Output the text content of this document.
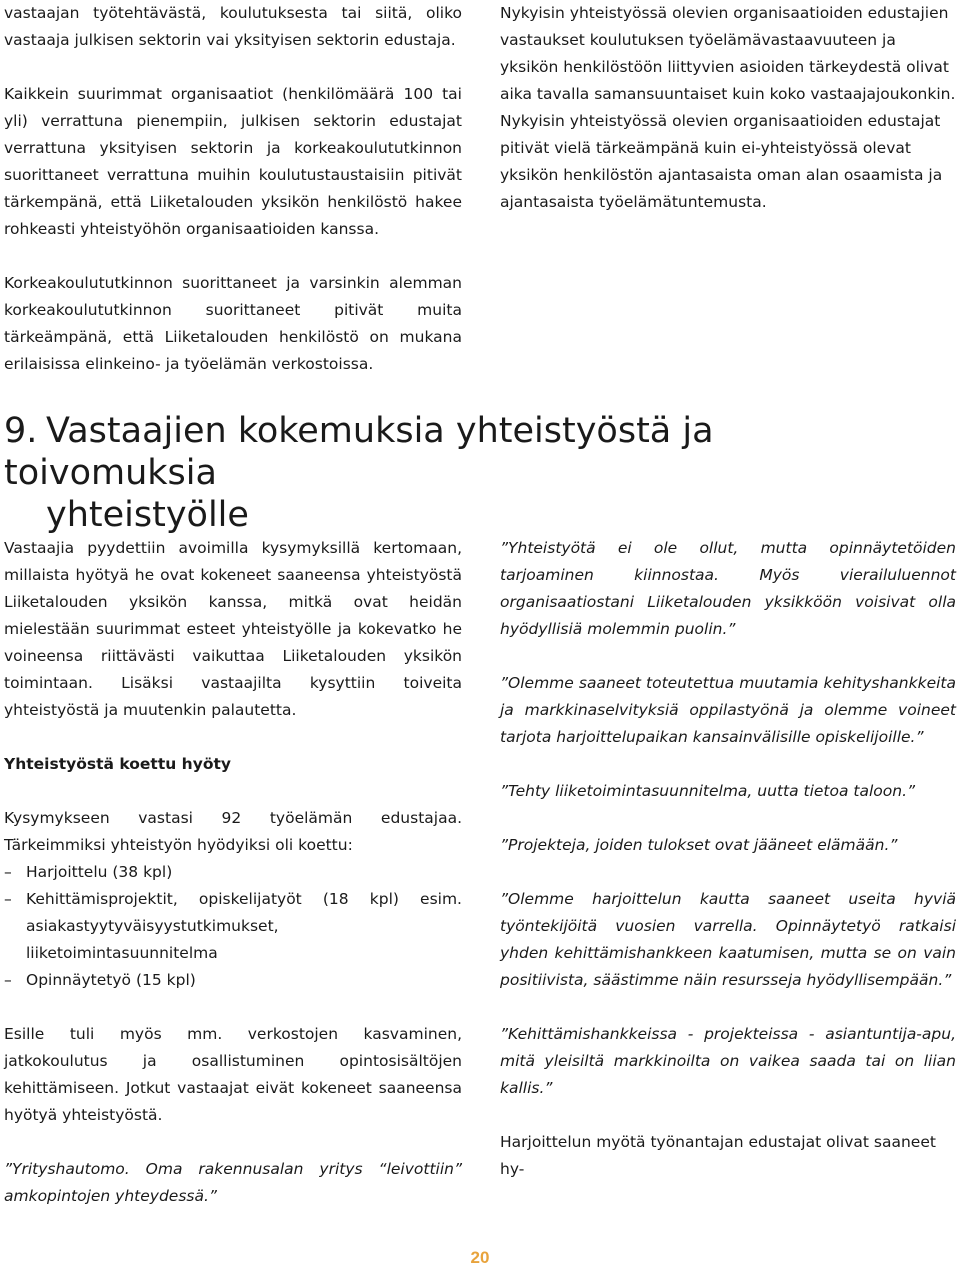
vastaajan työtehtävästä, koulutuksesta tai siitä, oliko vastaaja julkisen sektorin vai yksityisen sektorin edustaja.

Kaikkein suurimmat organisaatiot (henkilömäärä 100 tai yli) verrattuna pienempiin, julkisen sektorin edustajat verrattuna yksityisen sektorin ja korkeakoulututkinnon suorittaneet verrattuna muihin koulutustaustaisiin pitivät tärkempänä, että Liiketalouden yksikön henkilöstö hakee rohkeasti yhteistyöhön organisaatioiden kanssa.

Korkeakoulututkinnon suorittaneet ja varsinkin alemman korkeakoulututkinnon suorittaneet pitivät muita tärkeämpänä, että Liiketalouden henkilöstö on mukana erilaisissa elinkeino- ja työelämän verkostoissa.

Nykyisin yhteistyössä olevien organisaatioiden edustajien vastaukset koulutuksen työelämävastaavuuteen ja yksikön henkilöstöön liittyvien asioiden tärkeydestä olivat aika tavalla samansuuntaiset kuin koko vastaajajoukonkin. Nykyisin yhteistyössä olevien organisaatioiden edustajat pitivät vielä tärkeämpänä kuin ei-yhteistyössä olevat yksikön henkilöstön ajantasaista oman alan osaamista ja ajantasaista työelämätuntemusta.

9. Vastaajien kokemuksia yhteistyöstä ja toivomuksia
yhteistyölle

Vastaajia pyydettiin avoimilla kysymyksillä kertomaan, millaista hyötyä he ovat kokeneet saaneensa yhteistyöstä Liiketalouden yksikön kanssa, mitkä ovat heidän mielestään suurimmat esteet yhteistyölle ja kokevatko he voineensa riittävästi vaikuttaa Liiketalouden yksikön toimintaan. Lisäksi vastaajilta kysyttiin toiveita yhteistyöstä ja muutenkin palautetta.

Yhteistyöstä koettu hyöty

Kysymykseen vastasi 92 työelämän edustajaa. Tärkeimmiksi yhteistyön hyödyiksi oli koettu:

– Harjoittelu (38 kpl)
– Kehittämisprojektit, opiskelijatyöt (18 kpl) esim. asiakastyytyväisyystutkimukset, liiketoimintasuunnitelma
– Opinnäytetyö (15 kpl)

Esille tuli myös mm. verkostojen kasvaminen, jatkokoulutus ja osallistuminen opintosisältöjen kehittämiseen. Jotkut vastaajat eivät kokeneet saaneensa hyötyä yhteistyöstä.

”Yrityshautomo. Oma rakennusalan yritys “leivottiin” amkopintojen yhteydessä.”

”Yhteistyötä ei ole ollut, mutta opinnäytetöiden tarjoaminen kiinnostaa. Myös vierailuluennot organisaatiostani Liiketalouden yksikköön voisivat olla hyödyllisiä molemmin puolin.”

”Olemme saaneet toteutettua muutamia kehityshankkeita ja markkinaselvityksiä oppilastyönä ja olemme voineet tarjota harjoittelupaikan kansainvälisille opiskelijoille.”

”Tehty liiketoimintasuunnitelma, uutta tietoa taloon.”

”Projekteja, joiden tulokset ovat jääneet elämään.”

”Olemme harjoittelun kautta saaneet useita hyviä työntekijöitä vuosien varrella. Opinnäytetyö ratkaisi yhden kehittämishankkeen kaatumisen, mutta se on vain positiivista, säästimme näin resursseja hyödyllisempään.”

”Kehittämishankkeissa - projekteissa - asiantuntija-apu, mitä yleisiltä markkinoilta on vaikea saada tai on liian kallis.”

Harjoittelun myötä työnantajan edustajat olivat saaneet hy-

20
